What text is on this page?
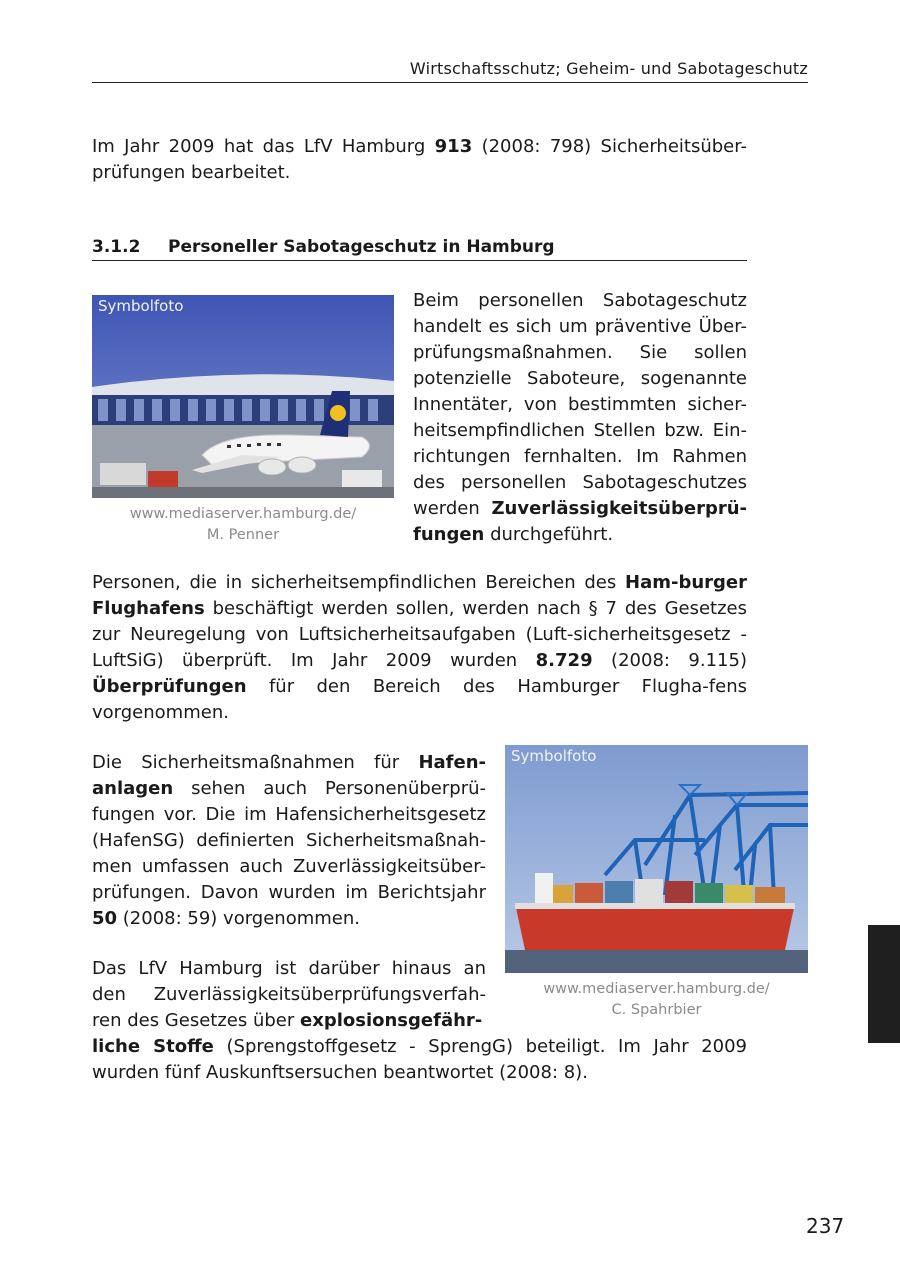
Wirtschaftsschutz; Geheim- und Sabotageschutz

Im Jahr 2009 hat das LfV Hamburg 913 (2008: 798) Sicherheitsüber-prüfungen bearbeitet.

3.1.2 Personeller Sabotageschutz in Hamburg
Symbolfoto
www.mediaserver.hamburg.de/
M. Penner

Beim personellen Sabotageschutz handelt es sich um präventive Über-prüfungsmaßnahmen. Sie sollen potenzielle Saboteure, sogenannte Innentäter, von bestimmten sicher-heitsempfindlichen Stellen bzw. Ein-richtungen fernhalten. Im Rahmen des personellen Sabotageschutzes werden Zuverlässigkeitsüberprü-fungen durchgeführt.

Personen, die in sicherheitsempfindlichen Bereichen des Ham-burger Flughafens beschäftigt werden sollen, werden nach § 7 des Gesetzes zur Neuregelung von Luftsicherheitsaufgaben (Luft-sicherheitsgesetz - LuftSiG) überprüft. Im Jahr 2009 wurden 8.729 (2008: 9.115) Überprüfungen für den Bereich des Hamburger Flugha-fens vorgenommen.

Die Sicherheitsmaßnahmen für Hafen-anlagen sehen auch Personenüberprü-fungen vor. Die im Hafensicherheitsgesetz (HafenSG) definierten Sicherheitsmaßnah-men umfassen auch Zuverlässigkeitsüber-prüfungen. Davon wurden im Berichtsjahr 50 (2008: 59) vorgenommen.

Symbolfoto
www.mediaserver.hamburg.de/
C. Spahrbier

Das LfV Hamburg ist darüber hinaus an den Zuverlässigkeitsüberprüfungsverfah-ren des Gesetzes über explosionsgefähr-

liche Stoffe (Sprengstoffgesetz - SprengG) beteiligt. Im Jahr 2009 wurden fünf Auskunftsersuchen beantwortet (2008: 8).

237
